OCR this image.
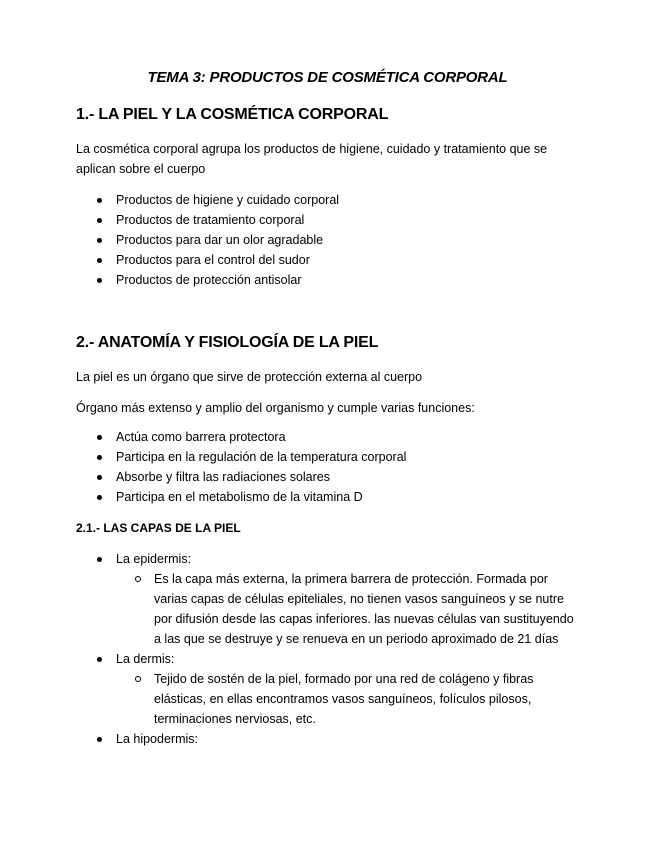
TEMA 3: PRODUCTOS DE COSMÉTICA CORPORAL
1.- LA PIEL Y LA COSMÉTICA CORPORAL

La cosmética corporal agrupa los productos de higiene, cuidado y tratamiento que se aplican sobre el cuerpo

Productos de higiene y cuidado corporal
Productos de tratamiento corporal
Productos para dar un olor agradable
Productos para el control del sudor
Productos de protección antisolar
2.- ANATOMÍA Y FISIOLOGÍA DE LA PIEL

La piel es un órgano que sirve de protección externa al cuerpo

Órgano más extenso y amplio del organismo y cumple varias funciones:

Actúa como barrera protectora
Participa en la regulación de la temperatura corporal
Absorbe y filtra las radiaciones solares
Participa en el metabolismo de la vitamina D
2.1.- LAS CAPAS DE LA PIEL
La epidermis:
Es la capa más externa, la primera barrera de protección. Formada por varias capas de células epiteliales, no tienen vasos sanguíneos y se nutre por difusión desde las capas inferiores. las nuevas células van sustituyendo a las que se destruye y se renueva en un periodo aproximado de 21 días
La dermis:
Tejido de sostén de la piel, formado por una red de colágeno y fibras elásticas, en ellas encontramos vasos sanguíneos, folículos pilosos, terminaciones nerviosas, etc.
La hipodermis:
